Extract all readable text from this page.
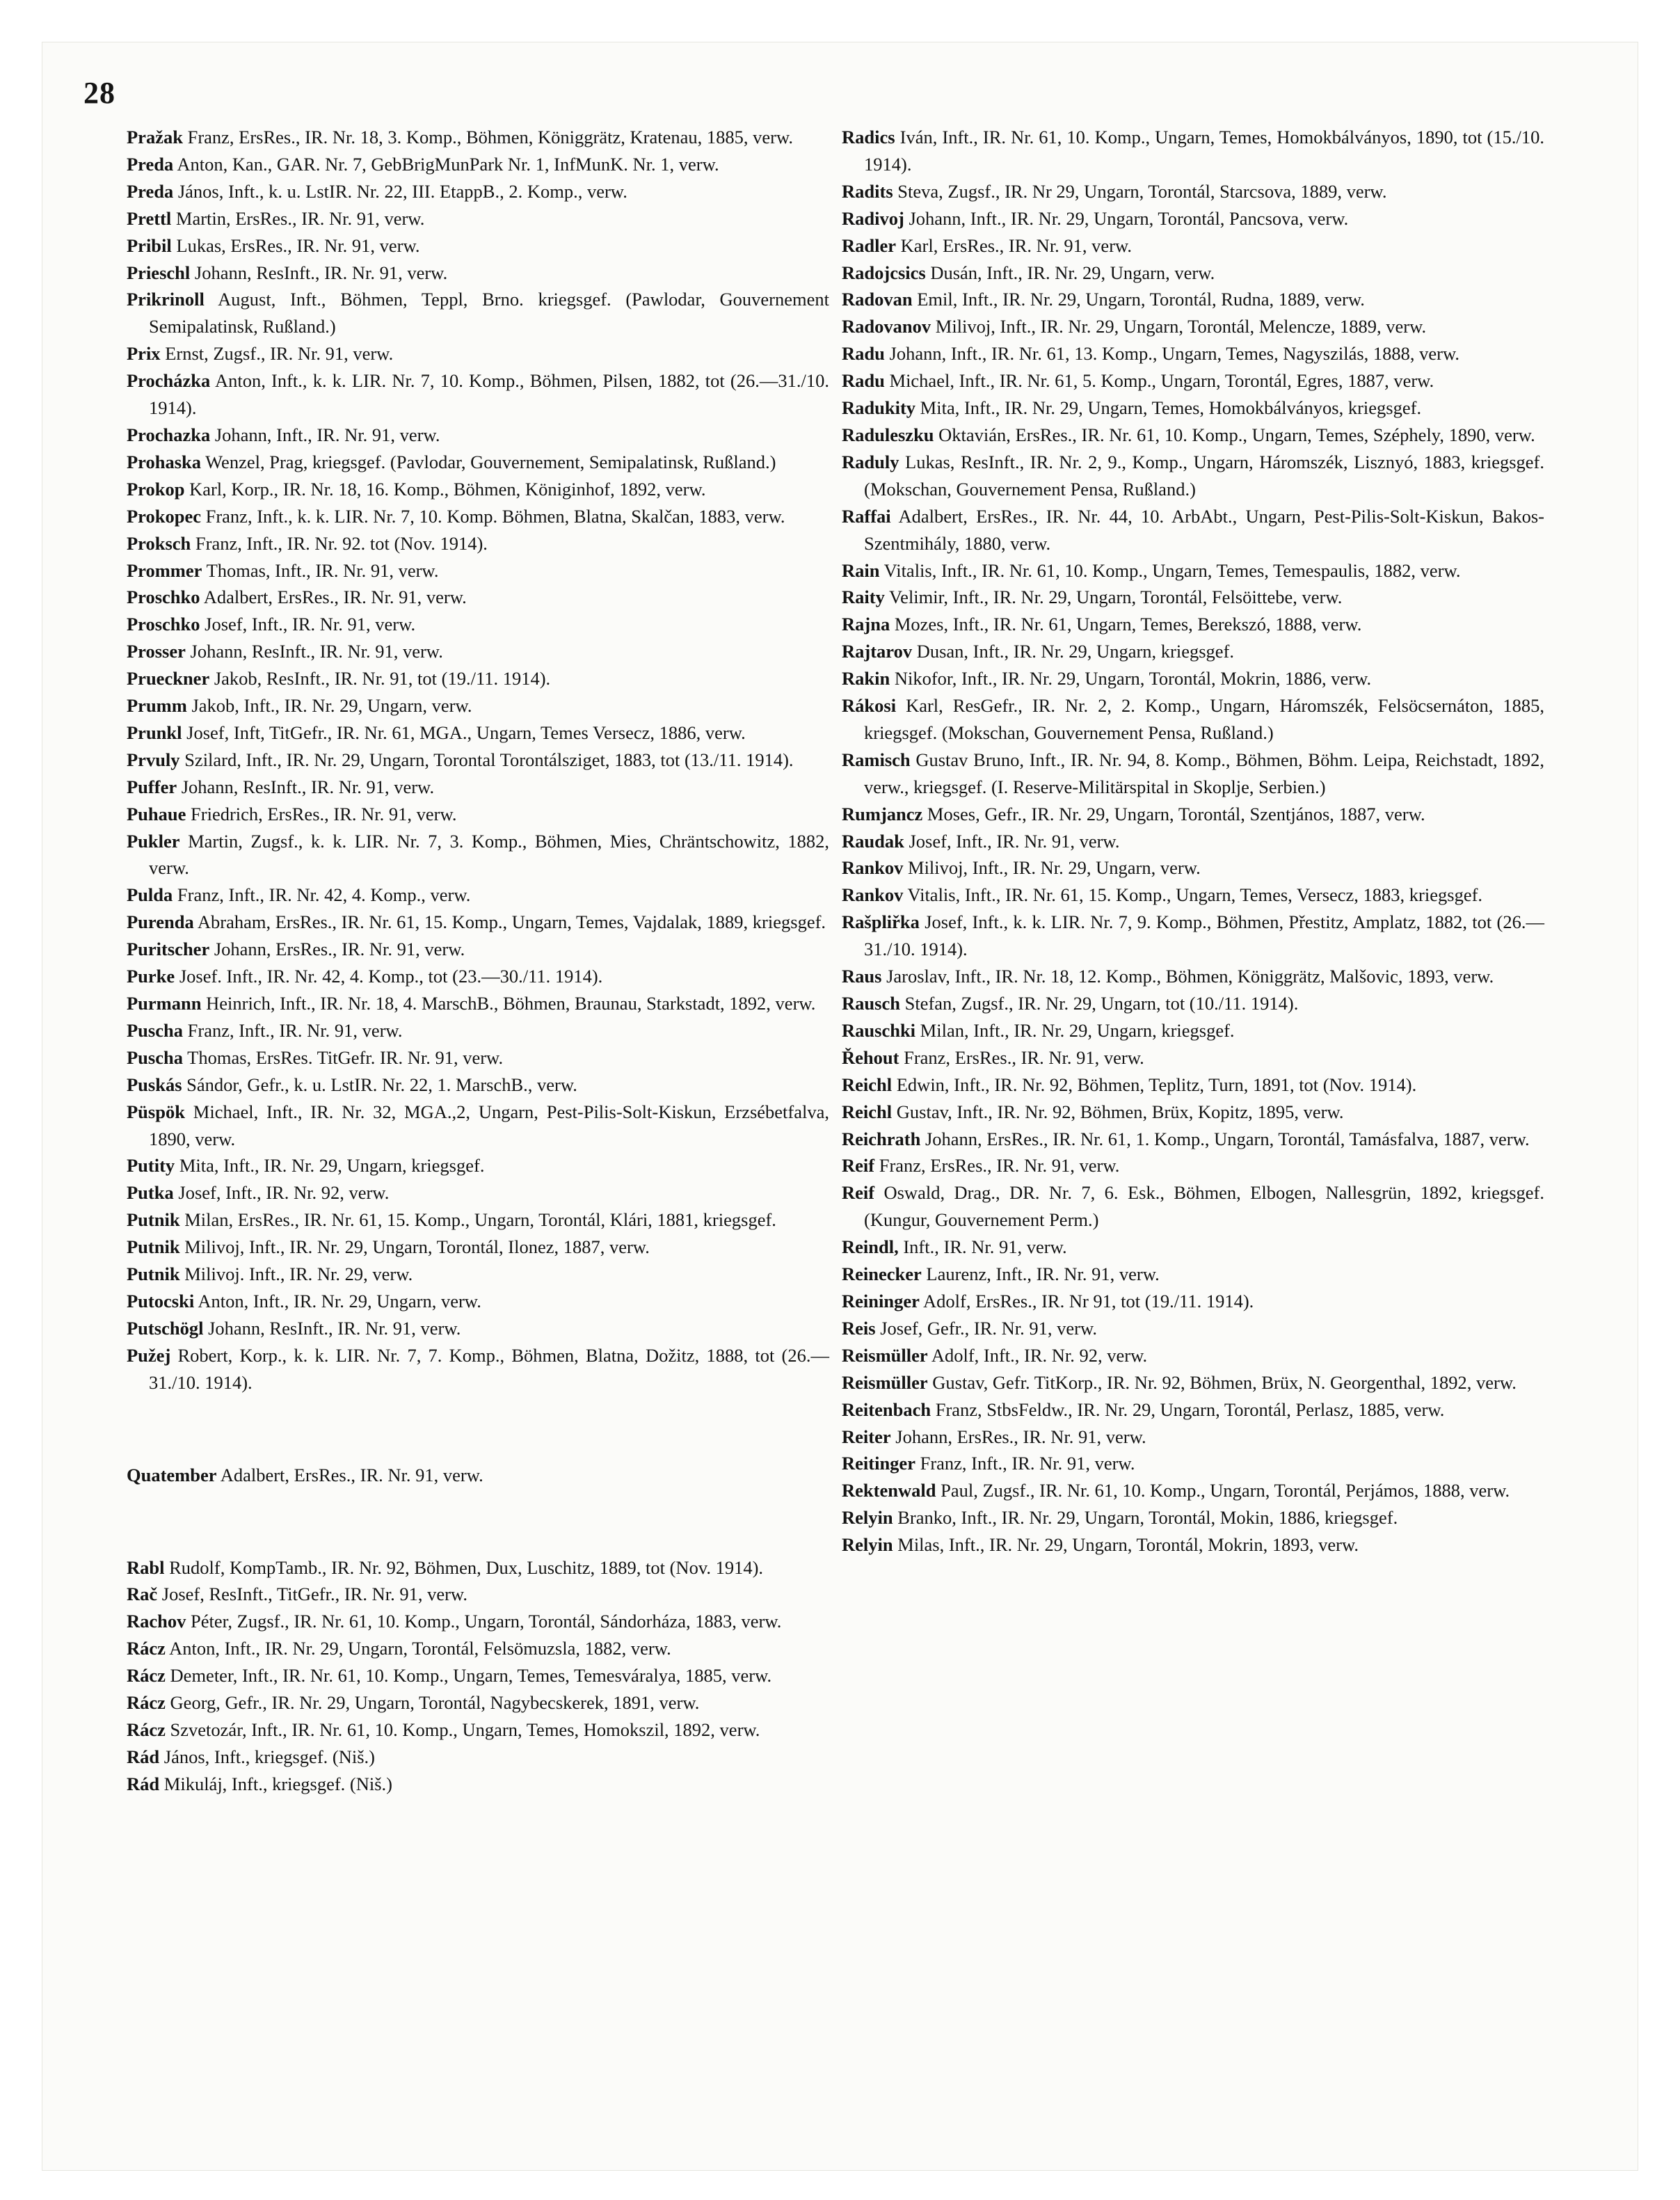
28
Pražak Franz, ErsRes., IR. Nr. 18, 3. Komp., Böhmen, Königgrätz, Kratenau, 1885, verw.
Preda Anton, Kan., GAR. Nr. 7, GebBrigMunPark Nr. 1, InfMunK. Nr. 1, verw.
Preda János, Inft., k. u. LstIR. Nr. 22, III. EtappB., 2. Komp., verw.
Prettl Martin, ErsRes., IR. Nr. 91, verw.
Pribil Lukas, ErsRes., IR. Nr. 91, verw.
Prieschl Johann, ResInft., IR. Nr. 91, verw.
Prikrinoll August, Inft., Böhmen, Teppl, Brno. kriegsgef. (Pawlodar, Gouvernement Semipalatinsk, Rußland.)
Prix Ernst, Zugsf., IR. Nr. 91, verw.
Procházka Anton, Inft., k. k. LIR. Nr. 7, 10. Komp., Böhmen, Pilsen, 1882, tot (26.—31./10. 1914).
Prochazka Johann, Inft., IR. Nr. 91, verw.
Prohaska Wenzel, Prag, kriegsgef. (Pavlodar, Gouvernement, Semipalatinsk, Rußland.)
Prokop Karl, Korp., IR. Nr. 18, 16. Komp., Böhmen, Königinhof, 1892, verw.
Prokopec Franz, Inft., k. k. LIR. Nr. 7, 10. Komp. Böhmen, Blatna, Skalčan, 1883, verw.
Proksch Franz, Inft., IR. Nr. 92. tot (Nov. 1914).
Prommer Thomas, Inft., IR. Nr. 91, verw.
Proschko Adalbert, ErsRes., IR. Nr. 91, verw.
Proschko Josef, Inft., IR. Nr. 91, verw.
Prosser Johann, ResInft., IR. Nr. 91, verw.
Prueckner Jakob, ResInft., IR. Nr. 91, tot (19./11. 1914).
Prumm Jakob, Inft., IR. Nr. 29, Ungarn, verw.
Prunkl Josef, Inft, TitGefr., IR. Nr. 61, MGA., Ungarn, Temes Versecz, 1886, verw.
Prvuly Szilard, Inft., IR. Nr. 29, Ungarn, Torontal Torontálsziget, 1883, tot (13./11. 1914).
Puffer Johann, ResInft., IR. Nr. 91, verw.
Puhaue Friedrich, ErsRes., IR. Nr. 91, verw.
Pukler Martin, Zugsf., k. k. LIR. Nr. 7, 3. Komp., Böhmen, Mies, Chräntschowitz, 1882, verw.
Pulda Franz, Inft., IR. Nr. 42, 4. Komp., verw.
Purenda Abraham, ErsRes., IR. Nr. 61, 15. Komp., Ungarn, Temes, Vajdalak, 1889, kriegsgef.
Puritscher Johann, ErsRes., IR. Nr. 91, verw.
Purke Josef. Inft., IR. Nr. 42, 4. Komp., tot (23.—30./11. 1914).
Purmann Heinrich, Inft., IR. Nr. 18, 4. MarschB., Böhmen, Braunau, Starkstadt, 1892, verw.
Puscha Franz, Inft., IR. Nr. 91, verw.
Puscha Thomas, ErsRes. TitGefr. IR. Nr. 91, verw.
Puskás Sándor, Gefr., k. u. LstIR. Nr. 22, 1. MarschB., verw.
Püspök Michael, Inft., IR. Nr. 32, MGA.,2, Ungarn, Pest-Pilis-Solt-Kiskun, Erzsébetfalva, 1890, verw.
Putity Mita, Inft., IR. Nr. 29, Ungarn, kriegsgef.
Putka Josef, Inft., IR. Nr. 92, verw.
Putnik Milan, ErsRes., IR. Nr. 61, 15. Komp., Ungarn, Torontál, Klári, 1881, kriegsgef.
Putnik Milivoj, Inft., IR. Nr. 29, Ungarn, Torontál, Ilonez, 1887, verw.
Putnik Milivoj. Inft., IR. Nr. 29, verw.
Putocski Anton, Inft., IR. Nr. 29, Ungarn, verw.
Putschögl Johann, ResInft., IR. Nr. 91, verw.
Pužej Robert, Korp., k. k. LIR. Nr. 7, 7. Komp., Böhmen, Blatna, Dožitz, 1888, tot (26.—31./10. 1914).
Quatember Adalbert, ErsRes., IR. Nr. 91, verw.
Rabl Rudolf, KompTamb., IR. Nr. 92, Böhmen, Dux, Luschitz, 1889, tot (Nov. 1914).
Rač Josef, ResInft., TitGefr., IR. Nr. 91, verw.
Rachov Péter, Zugsf., IR. Nr. 61, 10. Komp., Ungarn, Torontál, Sándorháza, 1883, verw.
Rácz Anton, Inft., IR. Nr. 29, Ungarn, Torontál, Felsömuzsla, 1882, verw.
Rácz Demeter, Inft., IR. Nr. 61, 10. Komp., Ungarn, Temes, Temesváralya, 1885, verw.
Rácz Georg, Gefr., IR. Nr. 29, Ungarn, Torontál, Nagybecskerek, 1891, verw.
Rácz Szvetozár, Inft., IR. Nr. 61, 10. Komp., Ungarn, Temes, Homokszil, 1892, verw.
Rád János, Inft., kriegsgef. (Niš.)
Rád Mikuláj, Inft., kriegsgef. (Niš.)
Radics Iván, Inft., IR. Nr. 61, 10. Komp., Ungarn, Temes, Homokbálványos, 1890, tot (15./10. 1914).
Radits Steva, Zugsf., IR. Nr 29, Ungarn, Torontál, Starcsova, 1889, verw.
Radivoj Johann, Inft., IR. Nr. 29, Ungarn, Torontál, Pancsova, verw.
Radler Karl, ErsRes., IR. Nr. 91, verw.
Radojcsics Dusán, Inft., IR. Nr. 29, Ungarn, verw.
Radovan Emil, Inft., IR. Nr. 29, Ungarn, Torontál, Rudna, 1889, verw.
Radovanov Milivoj, Inft., IR. Nr. 29, Ungarn, Torontál, Melencze, 1889, verw.
Radu Johann, Inft., IR. Nr. 61, 13. Komp., Ungarn, Temes, Nagyszilás, 1888, verw.
Radu Michael, Inft., IR. Nr. 61, 5. Komp., Ungarn, Torontál, Egres, 1887, verw.
Radukity Mita, Inft., IR. Nr. 29, Ungarn, Temes, Homokbálványos, kriegsgef.
Raduleszku Oktavián, ErsRes., IR. Nr. 61, 10. Komp., Ungarn, Temes, Széphely, 1890, verw.
Raduly Lukas, ResInft., IR. Nr. 2, 9., Komp., Ungarn, Háromszék, Lisznyó, 1883, kriegsgef. (Mokschan, Gouvernement Pensa, Rußland.)
Raffai Adalbert, ErsRes., IR. Nr. 44, 10. ArbAbt., Ungarn, Pest-Pilis-Solt-Kiskun, Bakos-Szentmihály, 1880, verw.
Rain Vitalis, Inft., IR. Nr. 61, 10. Komp., Ungarn, Temes, Temespaulis, 1882, verw.
Raity Velimir, Inft., IR. Nr. 29, Ungarn, Torontál, Felsöittebe, verw.
Rajna Mozes, Inft., IR. Nr. 61, Ungarn, Temes, Berekszó, 1888, verw.
Rajtarov Dusan, Inft., IR. Nr. 29, Ungarn, kriegsgef.
Rakin Nikofor, Inft., IR. Nr. 29, Ungarn, Torontál, Mokrin, 1886, verw.
Rákosi Karl, ResGefr., IR. Nr. 2, 2. Komp., Ungarn, Háromszék, Felsöcsernáton, 1885, kriegsgef. (Mokschan, Gouvernement Pensa, Rußland.)
Ramisch Gustav Bruno, Inft., IR. Nr. 94, 8. Komp., Böhmen, Böhm. Leipa, Reichstadt, 1892, verw., kriegsgef. (I. Reserve-Militärspital in Skoplje, Serbien.)
Rumjancz Moses, Gefr., IR. Nr. 29, Ungarn, Torontál, Szentjános, 1887, verw.
Raudak Josef, Inft., IR. Nr. 91, verw.
Rankov Milivoj, Inft., IR. Nr. 29, Ungarn, verw.
Rankov Vitalis, Inft., IR. Nr. 61, 15. Komp., Ungarn, Temes, Versecz, 1883, kriegsgef.
Rašpliřka Josef, Inft., k. k. LIR. Nr. 7, 9. Komp., Böhmen, Přestitz, Amplatz, 1882, tot (26.—31./10. 1914).
Raus Jaroslav, Inft., IR. Nr. 18, 12. Komp., Böhmen, Königgrätz, Malšovic, 1893, verw.
Rausch Stefan, Zugsf., IR. Nr. 29, Ungarn, tot (10./11. 1914).
Rauschki Milan, Inft., IR. Nr. 29, Ungarn, kriegsgef.
Řehout Franz, ErsRes., IR. Nr. 91, verw.
Reichl Edwin, Inft., IR. Nr. 92, Böhmen, Teplitz, Turn, 1891, tot (Nov. 1914).
Reichl Gustav, Inft., IR. Nr. 92, Böhmen, Brüx, Kopitz, 1895, verw.
Reichrath Johann, ErsRes., IR. Nr. 61, 1. Komp., Ungarn, Torontál, Tamásfalva, 1887, verw.
Reif Franz, ErsRes., IR. Nr. 91, verw.
Reif Oswald, Drag., DR. Nr. 7, 6. Esk., Böhmen, Elbogen, Nallesgrün, 1892, kriegsgef. (Kungur, Gouvernement Perm.)
Reindl, Inft., IR. Nr. 91, verw.
Reinecker Laurenz, Inft., IR. Nr. 91, verw.
Reininger Adolf, ErsRes., IR. Nr 91, tot (19./11. 1914).
Reis Josef, Gefr., IR. Nr. 91, verw.
Reismüller Adolf, Inft., IR. Nr. 92, verw.
Reismüller Gustav, Gefr. TitKorp., IR. Nr. 92, Böhmen, Brüx, N. Georgenthal, 1892, verw.
Reitenbach Franz, StbsFeldw., IR. Nr. 29, Ungarn, Torontál, Perlasz, 1885, verw.
Reiter Johann, ErsRes., IR. Nr. 91, verw.
Reitinger Franz, Inft., IR. Nr. 91, verw.
Rektenwald Paul, Zugsf., IR. Nr. 61, 10. Komp., Ungarn, Torontál, Perjámos, 1888, verw.
Relyin Branko, Inft., IR. Nr. 29, Ungarn, Torontál, Mokin, 1886, kriegsgef.
Relyin Milas, Inft., IR. Nr. 29, Ungarn, Torontál, Mokrin, 1893, verw.
